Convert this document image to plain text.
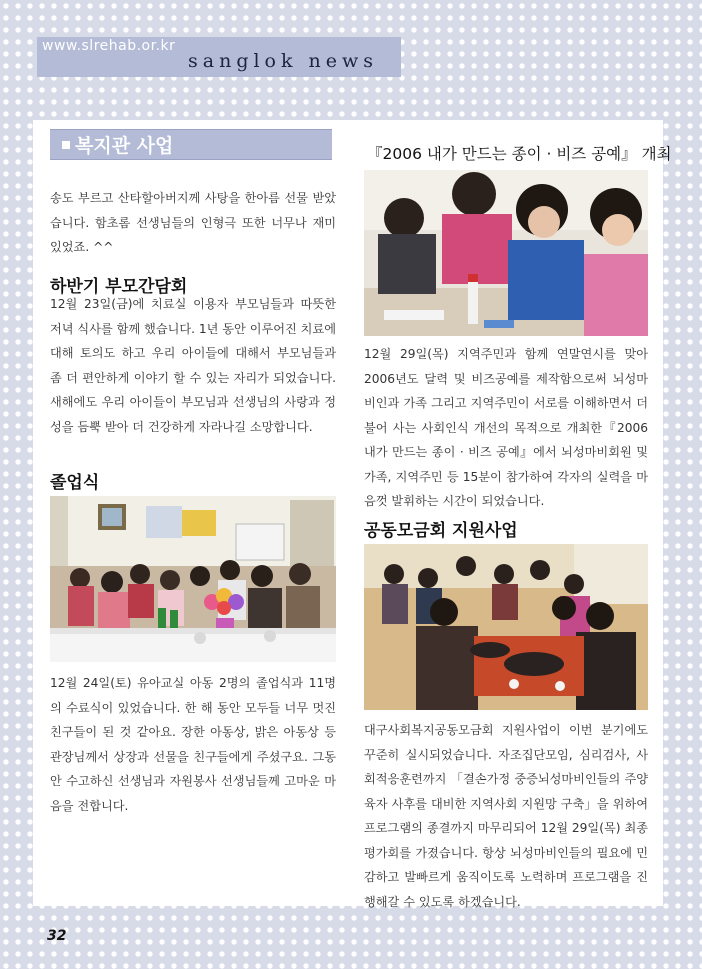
www.slrehab.or.kr
sanglok news
복지관 사업
송도 부르고 산타할아버지께 사탕을 한아름 선물 받았습니다. 함초롬 선생님들의 인형극 또한 너무나 재미있었죠. ^^
하반기 부모간담회
12월 23일(금)에 치료실 이용자 부모님들과 따뜻한 저녁 식사를 함께 했습니다. 1년 동안 이루어진 치료에 대해 토의도 하고 우리 아이들에 대해서 부모님들과 좀 더 편안하게 이야기 할 수 있는 자리가 되었습니다. 새해에도 우리 아이들이 부모님과 선생님의 사랑과 정성을 듬뿍 받아 더 건강하게 자라나길 소망합니다.
졸업식
12월 24일(토) 유아교실 아동 2명의 졸업식과 11명의 수료식이 있었습니다. 한 해 동안 모두들 너무 멋진 친구들이 된 것 같아요. 장한 아동상, 밝은 아동상 등 관장님께서 상장과 선물을 친구들에게 주셨구요. 그동안 수고하신 선생님과 자원봉사 선생님들께 고마운 마음을 전합니다.
『2006 내가 만드는 종이 · 비즈 공예』 개최
12월 29일(목) 지역주민과 함께 연말연시를 맞아 2006년도 달력 및 비즈공예를 제작함으로써 뇌성마비인과 가족 그리고 지역주민이 서로를 이해하면서 더불어 사는 사회인식 개선의 목적으로 개최한『2006 내가 만드는 종이 · 비즈 공예』에서 뇌성마비회원 및 가족, 지역주민 등 15분이 참가하여 각자의 실력을 마음껏 발휘하는 시간이 되었습니다.
공동모금회 지원사업
대구사회복지공동모금회 지원사업이 이번 분기에도 꾸준히 실시되었습니다. 자조집단모임, 심리검사, 사회적응훈련까지 「결손가정 중증뇌성마비인들의 주양육자 사후를 대비한 지역사회 지원망 구축」을 위하여 프로그램의 종결까지 마무리되어 12월 29일(목) 최종평가회를 가졌습니다. 항상 뇌성마비인들의 필요에 민감하고 발빠르게 움직이도록 노력하며 프로그램을 진행해갈 수 있도록 하겠습니다.
32
